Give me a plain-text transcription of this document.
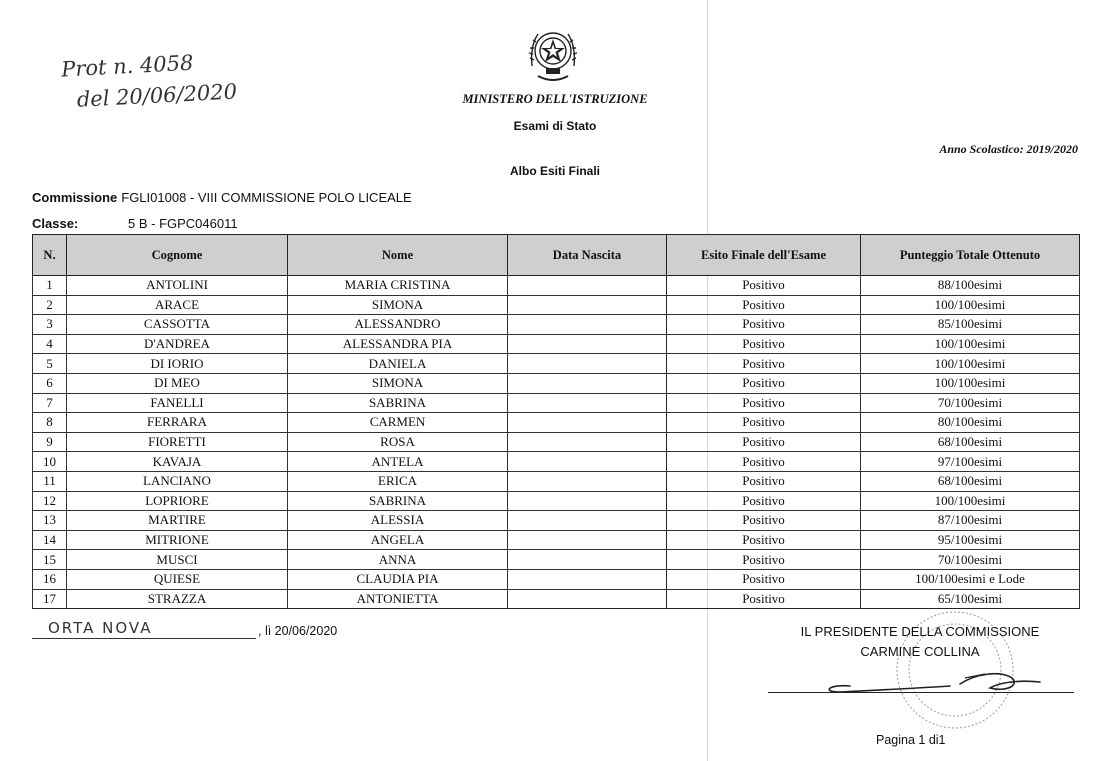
Prot n. 4058
del 20/06/2020	MINISTERO DELL'ISTRUZIONE
Esami di Stato
Anno Scolastico: 2019/2020
Albo Esiti Finali
Commissione FGLI01008 - VIII COMMISSIONE POLO LICEALE
Classe:	5 B - FGPC046011
N.	Cognome	Nome	Data Nascita	Esito Finale dell'Esame	Punteggio Totale Ottenuto
1	ANTOLINI	MARIA CRISTINA		Positivo	88/100esimi
2	ARACE	SIMONA		Positivo	100/100esimi
3	CASSOTTA	ALESSANDRO		Positivo	85/100esimi
4	D'ANDREA	ALESSANDRA PIA		Positivo	100/100esimi
5	DI IORIO	DANIELA		Positivo	100/100esimi
6	DI MEO	SIMONA		Positivo	100/100esimi
7	FANELLI	SABRINA		Positivo	70/100esimi
8	FERRARA	CARMEN		Positivo	80/100esimi
9	FIORETTI	ROSA		Positivo	68/100esimi
10	KAVAJA	ANTELA		Positivo	97/100esimi
11	LANCIANO	ERICA		Positivo	68/100esimi
12	LOPRIORE	SABRINA		Positivo	100/100esimi
13	MARTIRE	ALESSIA		Positivo	87/100esimi
14	MITRIONE	ANGELA		Positivo	95/100esimi
15	MUSCI	ANNA		Positivo	70/100esimi
16	QUIESE	CLAUDIA PIA		Positivo	100/100esimi e Lode
17	STRAZZA	ANTONIETTA		Positivo	65/100esimi
ORTA NOVA	, lì 20/06/2020	IL PRESIDENTE DELLA COMMISSIONE
CARMINE COLLINA
Pagina 1 di1
